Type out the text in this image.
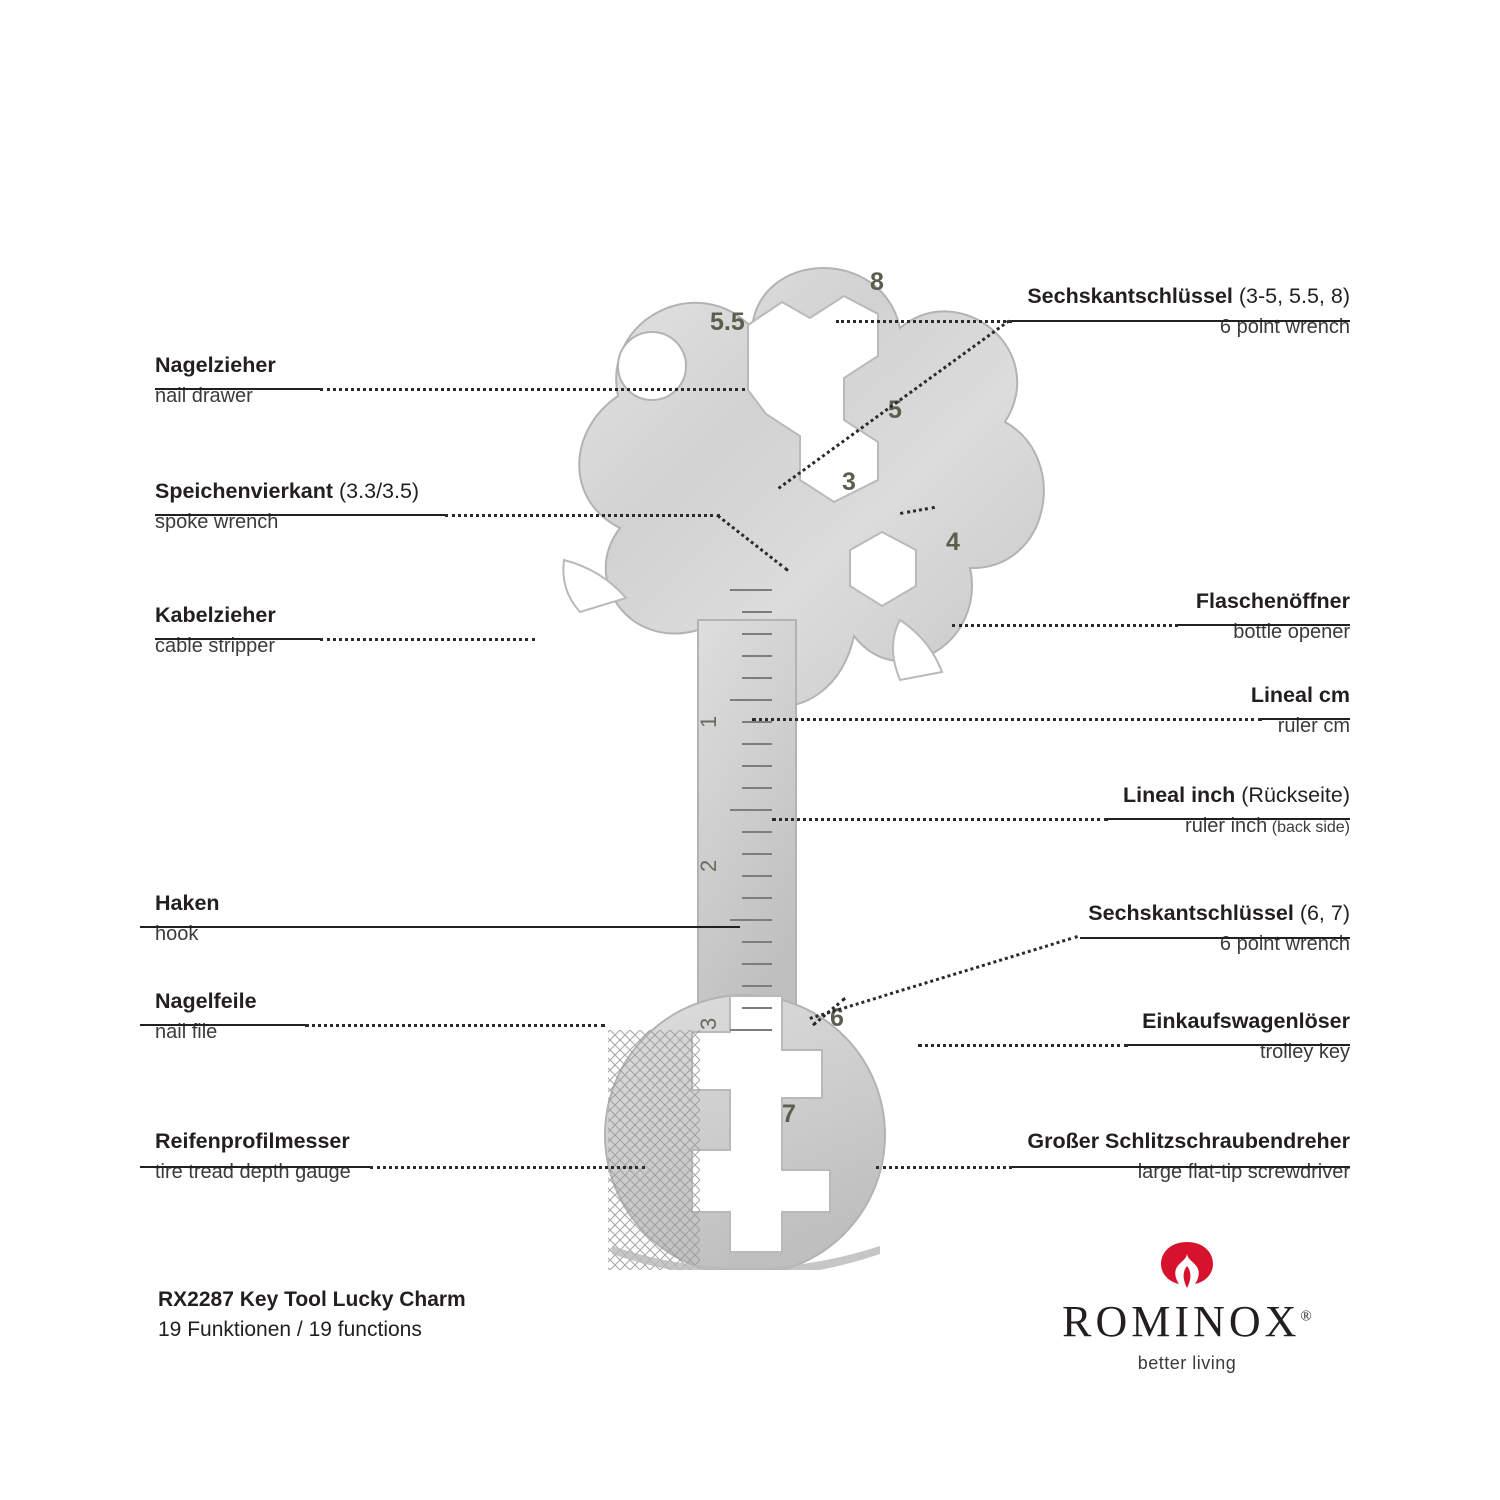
5.5
8
5
3
4
6
7
1
2
3
Nagelzieher
nail drawer
Speichenvierkant (3.3/3.5)
spoke wrench
Kabelzieher
cable stripper
Haken
hook
Nagelfeile
nail file
Reifenprofilmesser
tire tread depth gauge
Sechskantschlüssel (3-5, 5.5, 8)
6 point wrench
Flaschenöffner
bottle opener
Lineal cm
ruler cm
Lineal inch (Rückseite)
ruler inch (back side)
Sechskantschlüssel (6, 7)
6 point wrench
Einkaufswagenlöser
trolley key
Großer Schlitzschraubendreher
large flat-tip screwdriver
RX2287 Key Tool Lucky Charm
19 Funktionen / 19 functions	ROMINOX®
better living
